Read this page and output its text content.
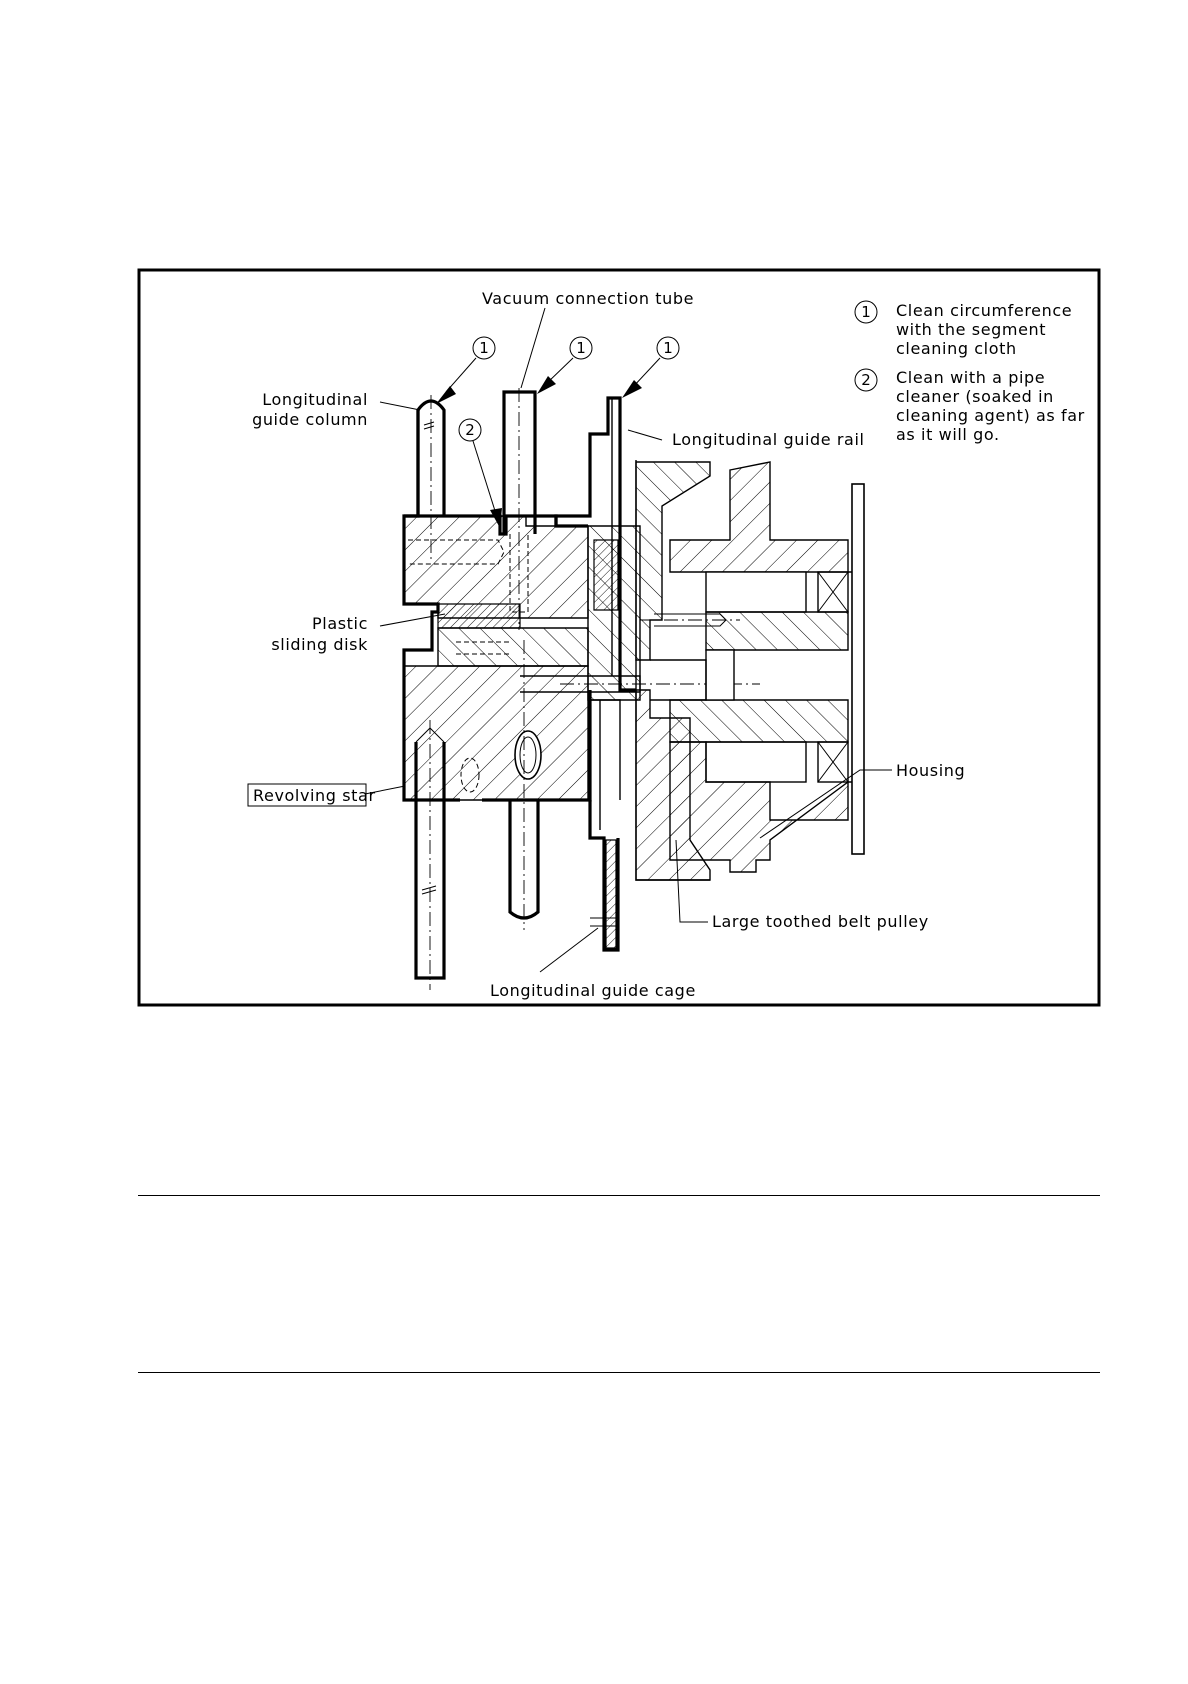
1	1	1
2
Vacuum connection tube
Longitudinal
guide column
Longitudinal guide rail
Plastic
sliding disk
Revolving star
Housing
Large toothed belt pulley
Longitudinal guide cage
1 Clean circumference
with the segment
cleaning cloth
2 Clean with a pipe
cleaner (soaked in
cleaning agent) as far
as it will go.
